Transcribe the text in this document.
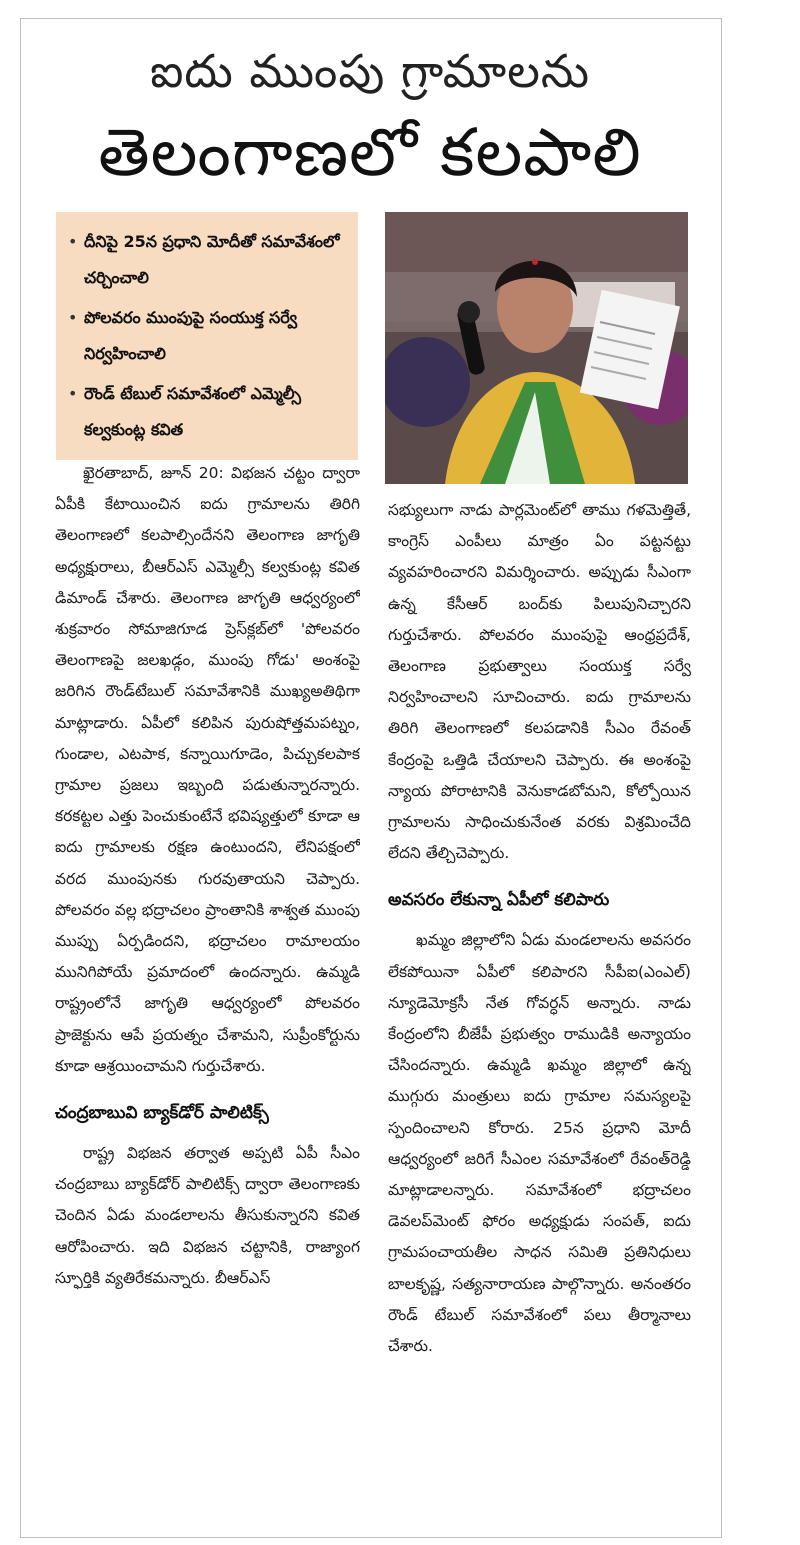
ఐదు ముంపు గ్రామాలను
తెలంగాణలో కలపాలి
• దీనిపై 25న ప్రధాని మోదీతో సమావేశంలో చర్చించాలి
• పోలవరం ముంపుపై సంయుక్త సర్వే నిర్వహించాలి
• రౌండ్ టేబుల్ సమావేశంలో ఎమ్మెల్సీ కల్వకుంట్ల కవిత

ఖైరతాబాద్, జూన్ 20: విభజన చట్టం ద్వారా ఏపీకి కేటాయించిన ఐదు గ్రామాలను తిరిగి తెలంగాణలో కలపాల్సిందేనని తెలంగాణ జాగృతి అధ్యక్షురాలు, బీఆర్ఎస్ ఎమ్మెల్సీ కల్వకుంట్ల కవిత డిమాండ్ చేశారు. తెలంగాణ జాగృతి ఆధ్వర్యంలో శుక్రవారం సోమాజిగూడ ప్రెస్‌క్లబ్‌లో 'పోలవరం తెలంగాణపై జలఖడ్గం, ముంపు గోడు' అంశంపై జరిగిన రౌండ్‌టేబుల్ సమావేశానికి ముఖ్యఅతిథిగా మాట్లాడారు. ఏపీలో కలిపిన పురుషోత్తమపట్నం, గుండాల, ఎటపాక, కన్నాయిగూడెం, పిచ్చుకలపాక గ్రామాల ప్రజలు ఇబ్బంది పడుతున్నారన్నారు. కరకట్టల ఎత్తు పెంచుకుంటేనే భవిష్యత్తులో కూడా ఆ ఐదు గ్రామాలకు రక్షణ ఉంటుందని, లేనిపక్షంలో వరద ముంపునకు గురవుతాయని చెప్పారు. పోలవరం వల్ల భద్రాచలం ప్రాంతానికి శాశ్వత ముంపు ముప్పు ఏర్పడిందని, భద్రాచలం రామాలయం మునిగిపోయే ప్రమాదంలో ఉందన్నారు. ఉమ్మడి రాష్ట్రంలోనే జాగృతి ఆధ్వర్యంలో పోలవరం ప్రాజెక్టును ఆపే ప్రయత్నం చేశామని, సుప్రీంకోర్టును కూడా ఆశ్రయించామని గుర్తుచేశారు.

చంద్రబాబువి బ్యాక్‌డోర్ పాలిటిక్స్

రాష్ట్ర విభజన తర్వాత అప్పటి ఏపీ సీఎం చంద్రబాబు బ్యాక్‌డోర్ పాలిటిక్స్ ద్వారా తెలంగాణకు చెందిన ఏడు మండలాలను తీసుకున్నారని కవిత ఆరోపించారు. ఇది విభజన చట్టానికి, రాజ్యాంగ స్ఫూర్తికి వ్యతిరేకమన్నారు. బీఆర్ఎస్

సభ్యులుగా నాడు పార్లమెంట్‌లో తాము గళమెత్తితే, కాంగ్రెస్ ఎంపీలు మాత్రం ఏం పట్టనట్టు వ్యవహరించారని విమర్శించారు. అప్పుడు సీఎంగా ఉన్న కేసీఆర్ బంద్‌కు పిలుపునిచ్చారని గుర్తుచేశారు. పోలవరం ముంపుపై ఆంధ్రప్రదేశ్, తెలంగాణ ప్రభుత్వాలు సంయుక్త సర్వే నిర్వహించాలని సూచించారు. ఐదు గ్రామాలను తిరిగి తెలంగాణలో కలపడానికి సీఎం రేవంత్ కేంద్రంపై ఒత్తిడి చేయాలని చెప్పారు. ఈ అంశంపై న్యాయ పోరాటానికి వెనుకాడబోమని, కోల్పోయిన గ్రామాలను సాధించుకునేంత వరకు విశ్రమించేది లేదని తేల్చిచెప్పారు.

అవసరం లేకున్నా ఏపీలో కలిపారు

ఖమ్మం జిల్లాలోని ఏడు మండలాలను అవసరం లేకపోయినా ఏపీలో కలిపారని సీపీఐ(ఎంఎల్) న్యూడెమోక్రసీ నేత గోవర్ధన్ అన్నారు. నాడు కేంద్రంలోని బీజేపీ ప్రభుత్వం రాముడికి అన్యాయం చేసిందన్నారు. ఉమ్మడి ఖమ్మం జిల్లాలో ఉన్న ముగ్గురు మంత్రులు ఐదు గ్రామాల సమస్యలపై స్పందించాలని కోరారు. 25న ప్రధాని మోదీ ఆధ్వర్యంలో జరిగే సీఎంల సమావేశంలో రేవంత్‌రెడ్డి మాట్లాడాలన్నారు. సమావేశంలో భద్రాచలం డెవలప్‌మెంట్ ఫోరం అధ్యక్షుడు సంపత్, ఐదు గ్రామపంచాయతీల సాధన సమితి ప్రతినిధులు బాలకృష్ణ, సత్యనారాయణ పాల్గొన్నారు. అనంతరం రౌండ్ టేబుల్ సమావేశంలో పలు తీర్మానాలు చేశారు.
